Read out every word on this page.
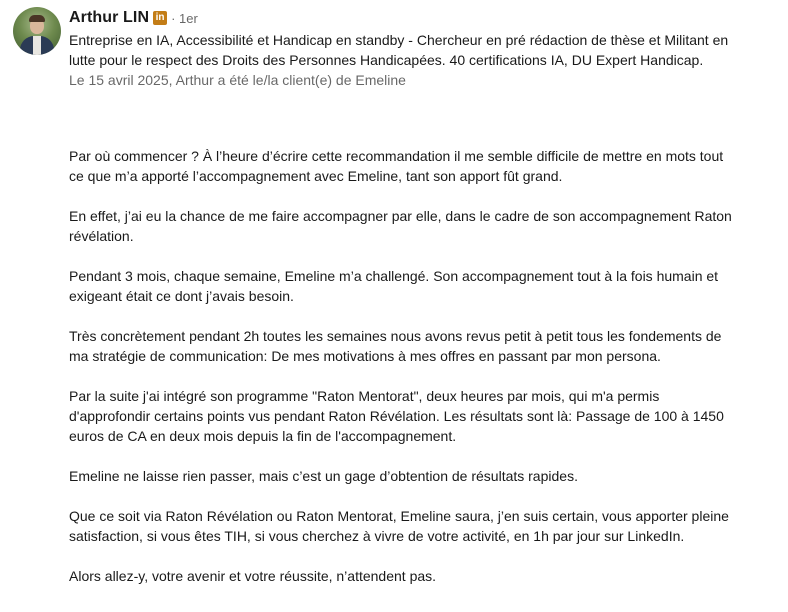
Arthur LIN in · 1er
Entreprise en IA, Accessibilité et Handicap en standby - Chercheur en pré rédaction de thèse et Militant en lutte pour le respect des Droits des Personnes Handicapées. 40 certifications IA, DU Expert Handicap.
Le 15 avril 2025, Arthur a été le/la client(e) de Emeline

Par où commencer ? À l’heure d’écrire cette recommandation il me semble difficile de mettre en mots tout ce que m’a apporté l’accompagnement avec Emeline, tant son apport fût grand.

En effet, j’ai eu la chance de me faire accompagner par elle, dans le cadre de son accompagnement Raton révélation.

Pendant 3 mois, chaque semaine, Emeline m’a challengé. Son accompagnement tout à la fois humain et exigeant était ce dont j’avais besoin.

Très concrètement pendant 2h toutes les semaines nous avons revus petit à petit tous les fondements de ma stratégie de communication: De mes motivations à mes offres en passant par mon persona.

Par la suite j'ai intégré son programme "Raton Mentorat", deux heures par mois, qui m'a permis d'approfondir certains points vus pendant Raton Révélation. Les résultats sont là: Passage de 100 à 1450 euros de CA en deux mois depuis la fin de l'accompagnement.

Emeline ne laisse rien passer, mais c’est un gage d’obtention de résultats rapides.

Que ce soit via Raton Révélation ou Raton Mentorat, Emeline saura, j’en suis certain, vous apporter pleine satisfaction, si vous êtes TIH, si vous cherchez à vivre de votre activité, en 1h par jour sur LinkedIn.

Alors allez-y, votre avenir et votre réussite, n’attendent pas.
